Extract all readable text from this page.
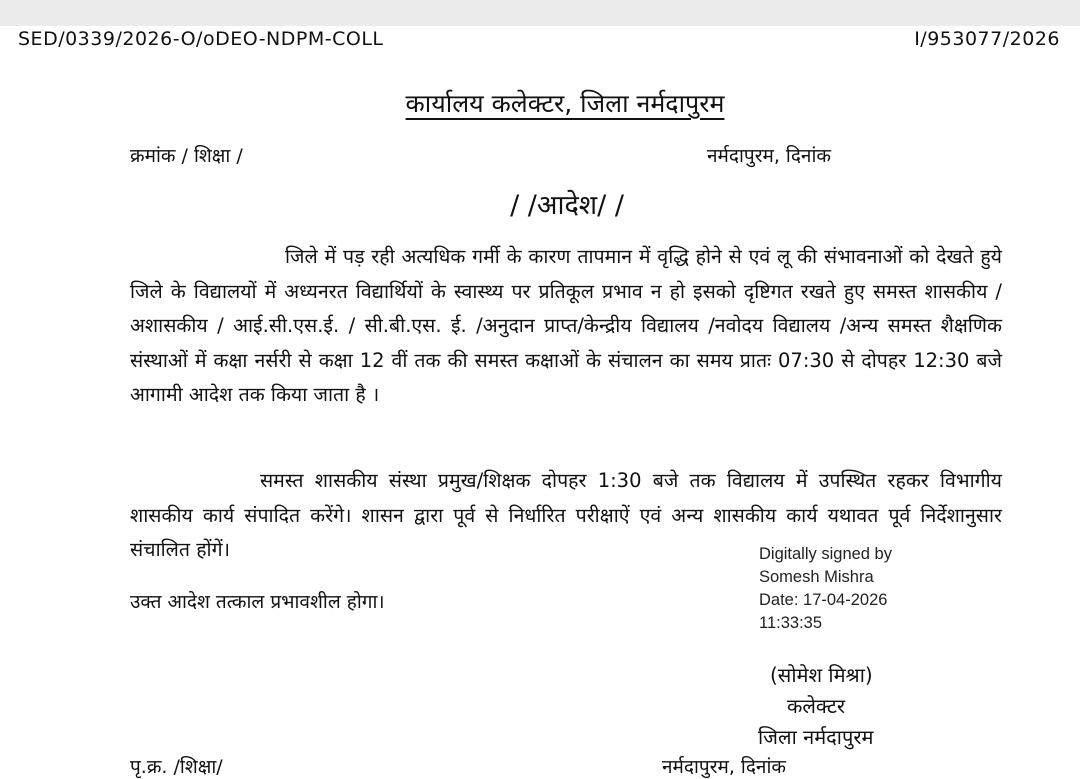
SED/0339/2026-O/oDEO-NDPM-COLL	I/953077/2026
कार्यालय कलेक्टर, जिला नर्मदापुरम
क्रमांक / शिक्षा /	नर्मदापुरम, दिनांक
/ /आदेश/ /
जिले में पड़ रही अत्यधिक गर्मी के कारण तापमान में वृद्धि होने से एवं लू की संभावनाओं को देखते हुये जिले के विद्यालयों में अध्यनरत विद्यार्थियों के स्वास्थ्य पर प्रतिकूल प्रभाव न हो इसको दृष्टिगत रखते हुए समस्त शासकीय / अशासकीय / आई.सी.एस.ई. / सी.बी.एस. ई. /अनुदान प्राप्त/केन्द्रीय विद्यालय /नवोदय विद्यालय /अन्य समस्त शैक्षणिक संस्थाओं में कक्षा नर्सरी से कक्षा 12 वीं तक की समस्त कक्षाओं के संचालन का समय प्रातः 07:30 से दोपहर 12:30 बजे आगामी आदेश तक किया जाता है ।
समस्त शासकीय संस्था प्रमुख/शिक्षक दोपहर 1:30 बजे तक विद्यालय में उपस्थित रहकर विभागीय शासकीय कार्य संपादित करेंगे। शासन द्वारा पूर्व से निर्धारित परीक्षाऐं एवं अन्य शासकीय कार्य यथावत पूर्व निर्देशानुसार संचालित होंगें।
उक्त आदेश तत्काल प्रभावशील होगा।
Digitally signed by
Somesh Mishra
Date: 17-04-2026
11:33:35
(सोमेश मिश्रा)
कलेक्टर
जिला नर्मदापुरम
पृ.क्र. /शिक्षा/	नर्मदापुरम, दिनांक
